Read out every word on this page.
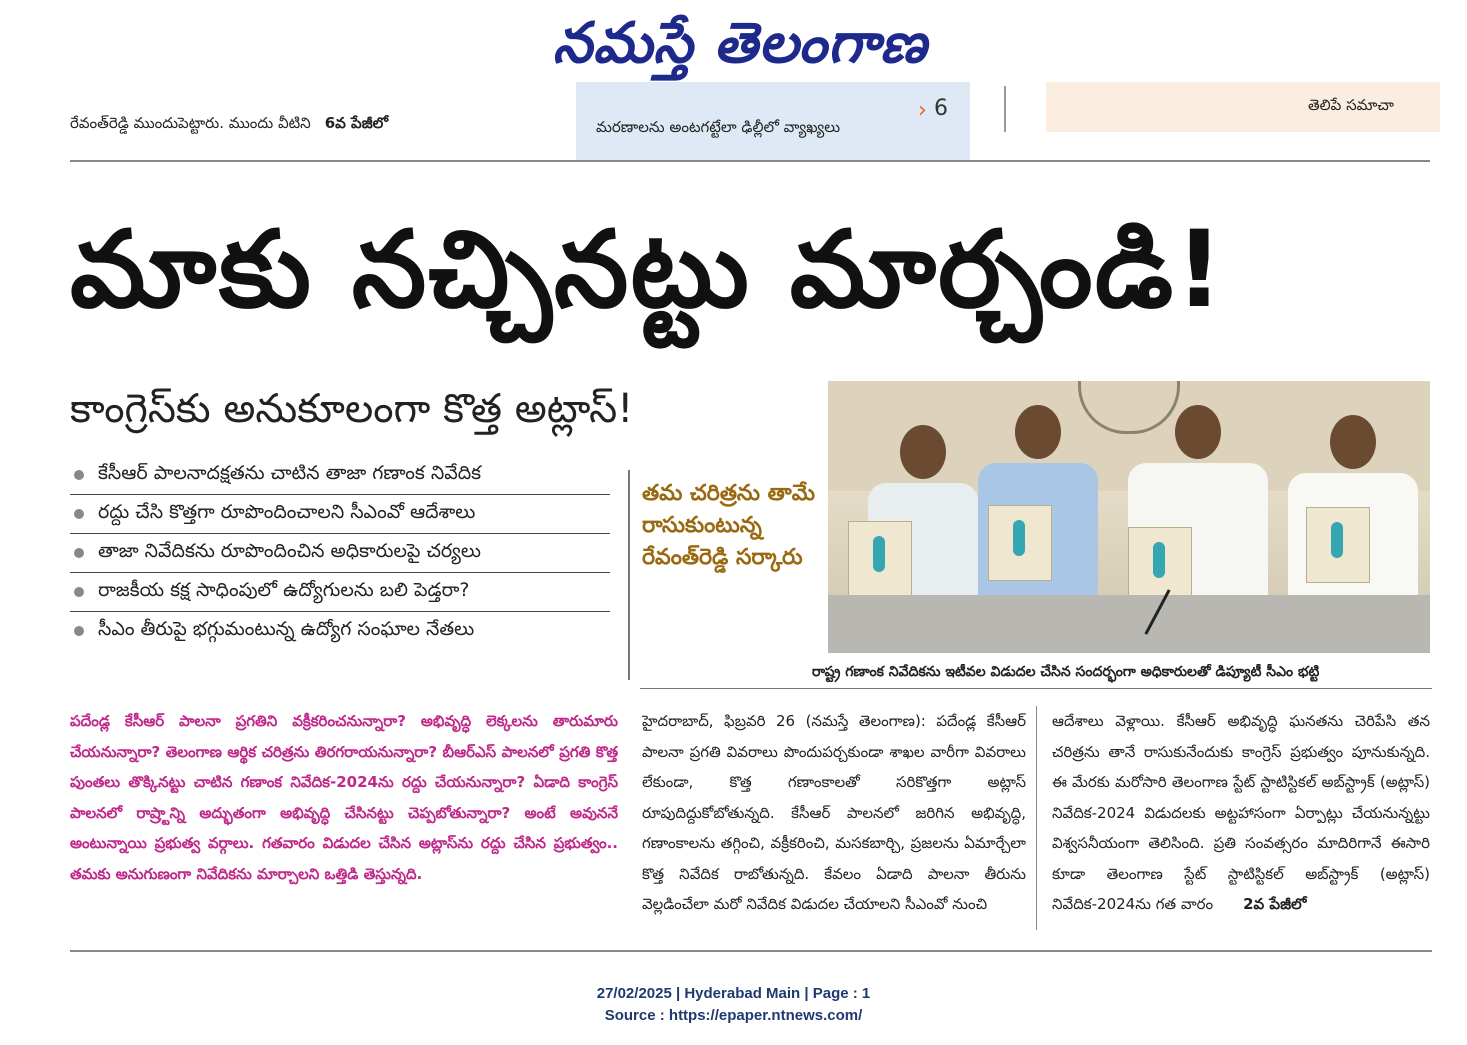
నమస్తే తెలంగాణ
రేవంత్‌రెడ్డి ముందుపెట్టారు. ముందు వీటిని 6వ పేజీలో	మరణాలను అంటగట్టేలా ఢిల్లీలో వ్యాఖ్యలు
› 6	తెలిపే సమాచా
మాకు నచ్చినట్టు మార్చండి!
కాంగ్రెస్‌కు అనుకూలంగా కొత్త అట్లాస్!
కేసీఆర్ పాలనాదక్షతను చాటిన తాజా గణాంక నివేదిక
రద్దు చేసి కొత్తగా రూపొందించాలని సీఎంవో ఆదేశాలు
తాజా నివేదికను రూపొందించిన అధికారులపై చర్యలు
రాజకీయ కక్ష సాధింపులో ఉద్యోగులను బలి పెడ్తరా?
సీఎం తీరుపై భగ్గుమంటున్న ఉద్యోగ సంఘాల నేతలు
తమ చరిత్రను తామే రాసుకుంటున్న రేవంత్‌రెడ్డి సర్కారు
రాష్ట్ర గణాంక నివేదికను ఇటీవల విడుదల చేసిన సందర్భంగా అధికారులతో డిప్యూటీ సీఎం భట్టి
పదేండ్ల కేసీఆర్ పాలనా ప్రగతిని వక్రీకరించనున్నారా? అభివృద్ధి లెక్కలను తారుమారు చేయనున్నారా? తెలంగాణ ఆర్థిక చరిత్రను తిరగరాయనున్నారా? బీఆర్‌ఎస్ పాలనలో ప్రగతి కొత్త పుంతలు తొక్కినట్టు చాటిన గణాంక నివేదిక-2024ను రద్దు చేయనున్నారా? ఏడాది కాంగ్రెస్ పాలనలో రాష్ర్టాన్ని అద్భుతంగా అభివృద్ధి చేసినట్టు చెప్పబోతున్నారా? అంటే అవుననే అంటున్నాయి ప్రభుత్వ వర్గాలు. గతవారం విడుదల చేసిన అట్లాస్‌ను రద్దు చేసిన ప్రభుత్వం.. తమకు అనుగుణంగా నివేదికను మార్చాలని ఒత్తిడి తెస్తున్నది.
హైదరాబాద్, ఫిబ్రవరి 26 (నమస్తే తెలంగాణ): పదేండ్ల కేసీఆర్ పాలనా ప్రగతి వివరాలు పొందుపర్చకుండా శాఖల వారీగా వివరాలు లేకుండా, కొత్త గణాంకాలతో సరికొత్తగా అట్లాస్ రూపుదిద్దుకోబోతున్నది. కేసీఆర్ పాలనలో జరిగిన అభివృద్ధి, గణాంకాలను తగ్గించి, వక్రీకరించి, మసకబార్చి, ప్రజలను ఏమార్చేలా కొత్త నివేదిక రాబోతున్నది. కేవలం ఏడాది పాలనా తీరును వెల్లడించేలా మరో నివేదిక విడుదల చేయాలని సీఎంవో నుంచి
ఆదేశాలు వెళ్లాయి. కేసీఆర్ అభివృద్ధి ఘనతను చెరిపేసి తన చరిత్రను తానే రాసుకునేందుకు కాంగ్రెస్ ప్రభుత్వం పూనుకున్నది. ఈ మేరకు మరోసారి తెలంగాణ స్టేట్ స్టాటిస్టికల్ అబ్‌స్ట్రాక్ (అట్లాస్) నివేదిక-2024 విడుదలకు అట్టహాసంగా ఏర్పాట్లు చేయనున్నట్టు విశ్వసనీయంగా తెలిసింది. ప్రతి సంవత్సరం మాదిరిగానే ఈసారి కూడా తెలంగాణ స్టేట్ స్టాటిస్టికల్ అబ్‌స్ట్రాక్ (అట్లాస్) నివేదిక-2024ను గత వారం 2వ పేజీలో
27/02/2025 | Hyderabad Main | Page : 1
Source : https://epaper.ntnews.com/
